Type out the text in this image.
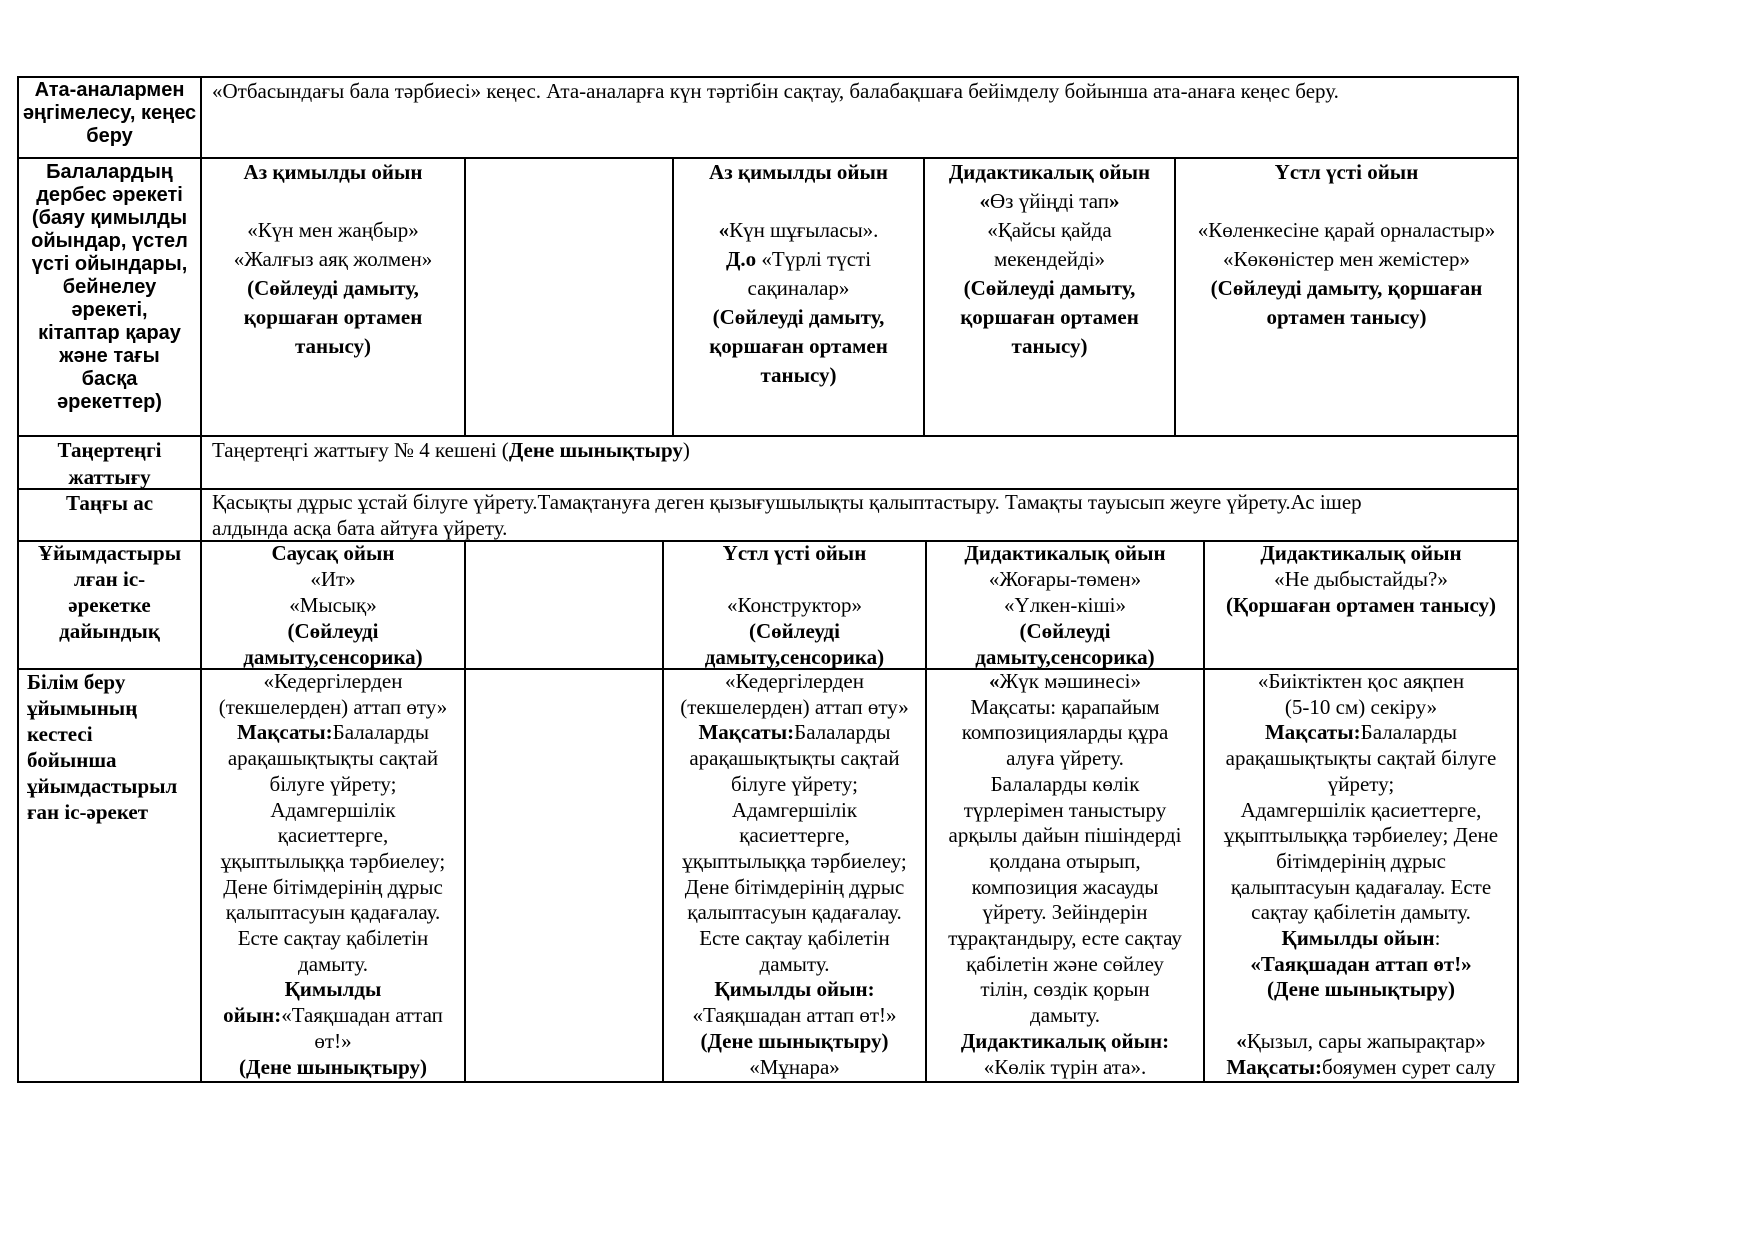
Ата-аналармен
әңгімелесу, кеңес
беру
«Отбасындағы бала тәрбиесі» кеңес. Ата-аналарға күн тәртібін сақтау, балабақшаға бейімделу бойынша ата-анаға кеңес беру.
Балалардың
дербес әрекеті
(баяу қимылды
ойындар, үстел
үсті ойындары,
бейнелеу
әрекеті,
кітаптар қарау
және тағы
басқа
әрекеттер)
Аз қимылды ойын
«Күн мен жаңбыр»
«Жалғыз аяқ жолмен»
(Сөйлеуді дамыту,
қоршаған ортамен
танысу)
Аз қимылды ойын
«Күн шұғыласы».
Д.о «Түрлі түсті
сақиналар»
(Сөйлеуді дамыту,
қоршаған ортамен
танысу)
Дидактикалық ойын
«Өз үйіңді тап»
«Қайсы қайда
мекендейді»
(Сөйлеуді дамыту,
қоршаған ортамен
танысу)
Үстл үсті ойын
«Көленкесіне қарай орналастыр»
«Көкөністер мен жемістер»
(Сөйлеуді дамыту, қоршаған
ортамен танысу)
Таңертеңгі
жаттығу
Таңертеңгі жаттығу № 4 кешені (Дене шынықтыру)
Таңғы ас	Қасықты дұрыс ұстай білуге үйрету.Тамақтануға деген қызығушылықты қалыптастыру. Тамақты тауысып жеуге үйрету.Ас ішер
алдында асқа бата айтуға үйрету.
Ұйымдастыры
лған іс-
әрекетке
дайындық
Саусақ ойын
«Ит»
«Мысық»
(Сөйлеуді
дамыту,сенсорика)
Үстл үсті ойын
«Конструктор»
(Сөйлеуді
дамыту,сенсорика)
Дидактикалық ойын
«Жоғары-төмен»
«Үлкен-кіші»
(Сөйлеуді
дамыту,сенсорика)
Дидактикалық ойын
«Не дыбыстайды?»
(Қоршаған ортамен танысу)
Білім беру
ұйымының
кестесі
бойынша
ұйымдастырыл
ған іс-әрекет
«Кедергілерден
(текшелерден) аттап өту»
Мақсаты:Балаларды
арақашықтықты сақтай
білуге үйрету;
Адамгершілік
қасиеттерге,
ұқыптылыққа тәрбиелеу;
Дене бітімдерінің дұрыс
қалыптасуын қадағалау.
Есте сақтау қабілетін
дамыту.
Қимылды
ойын:«Таяқшадан аттап
өт!»
(Дене шынықтыру)
«Кедергілерден
(текшелерден) аттап өту»
Мақсаты:Балаларды
арақашықтықты сақтай
білуге үйрету;
Адамгершілік
қасиеттерге,
ұқыптылыққа тәрбиелеу;
Дене бітімдерінің дұрыс
қалыптасуын қадағалау.
Есте сақтау қабілетін
дамыту.
Қимылды ойын:
«Таяқшадан аттап өт!»
(Дене шынықтыру)
«Мұнара»
«Жүк мәшинесі»
Мақсаты: қарапайым
композицияларды құра
алуға үйрету.
Балаларды көлік
түрлерімен таныстыру
арқылы дайын пішіндерді
қолдана отырып,
композиция жасауды
үйрету. Зейіндерін
тұрақтандыру, есте сақтау
қабілетін және сөйлеу
тілін, сөздік қорын
дамыту.
Дидактикалық ойын:
«Көлік түрін ата».
«Биіктіктен қос аяқпен
(5-10 см) секіру»
Мақсаты:Балаларды
арақашықтықты сақтай білуге
үйрету;
Адамгершілік қасиеттерге,
ұқыптылыққа тәрбиелеу; Дене
бітімдерінің дұрыс
қалыптасуын қадағалау. Есте
сақтау қабілетін дамыту.
Қимылды ойын:
«Таяқшадан аттап өт!»
(Дене шынықтыру)
«Қызыл, сары жапырақтар»
Мақсаты:бояумен сурет салу
